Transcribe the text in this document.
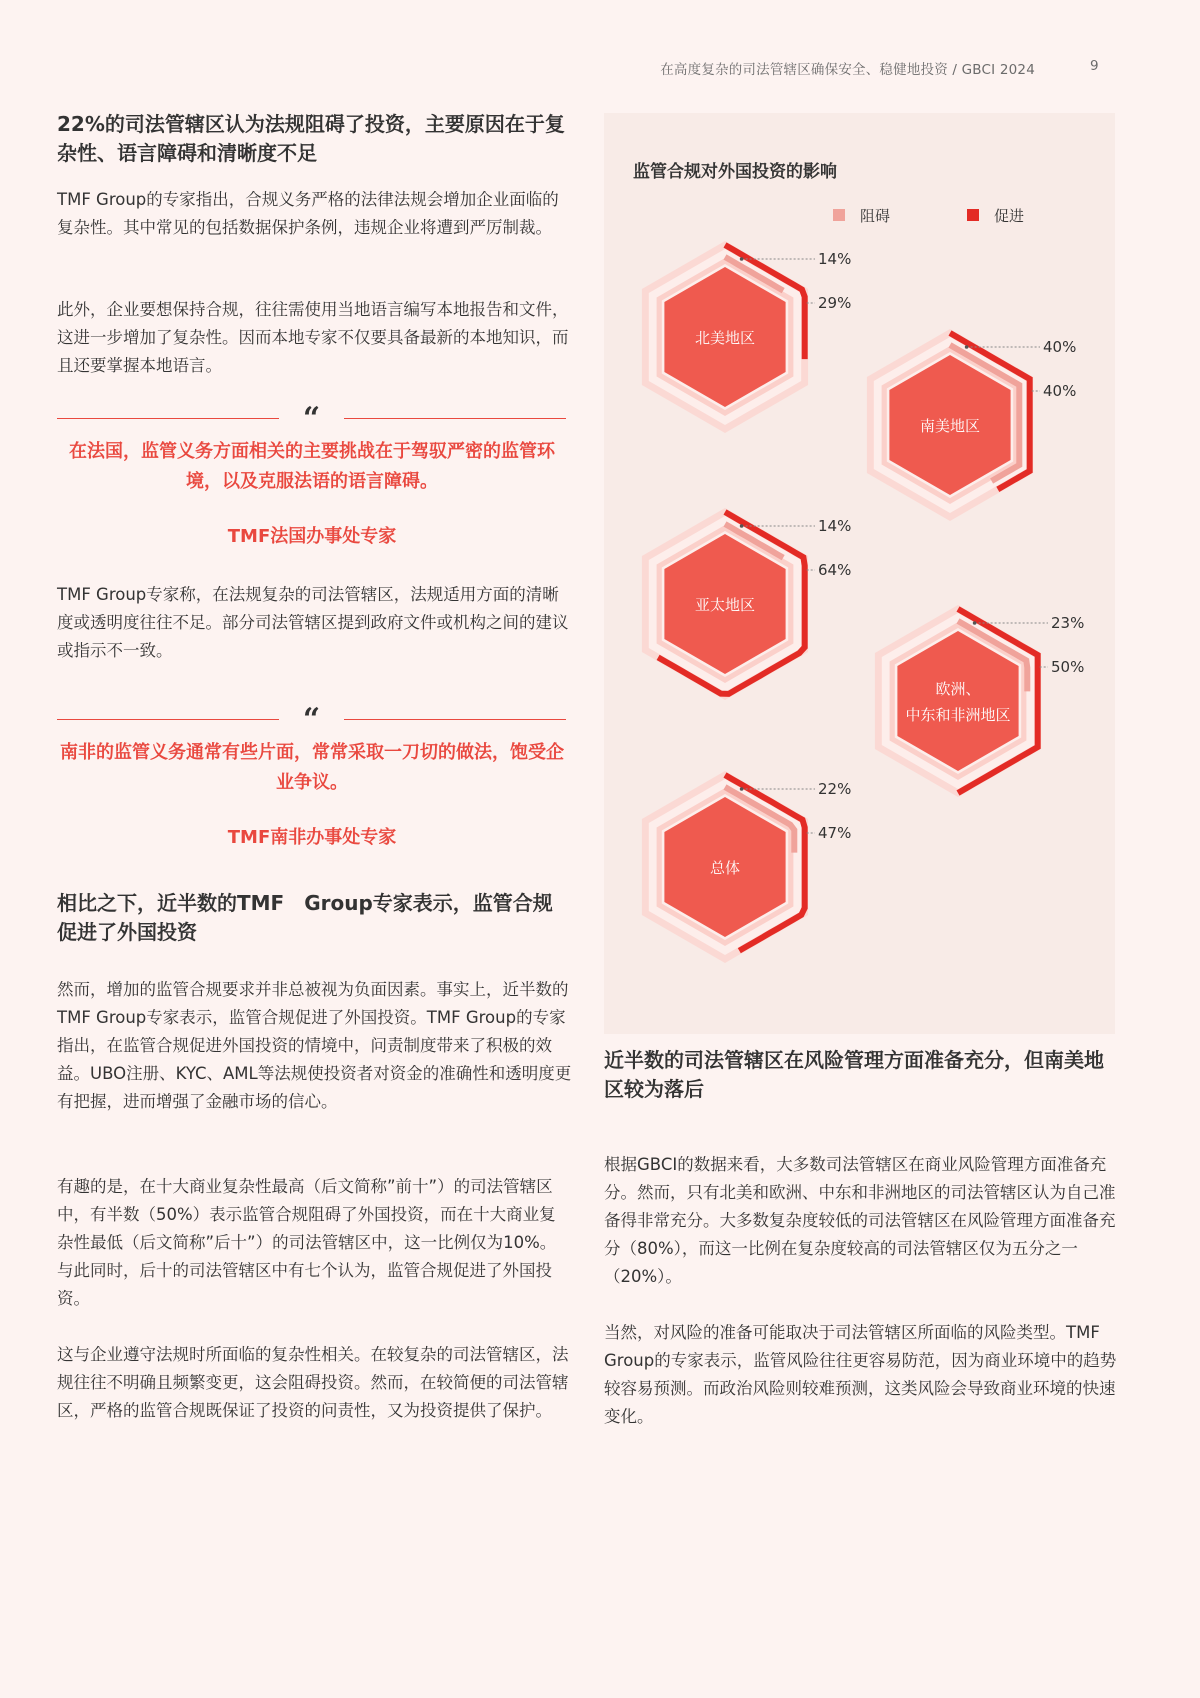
在高度复杂的司法管辖区确保安全、稳健地投资 / GBCI 2024	9
22%的司法管辖区认为法规阻碍了投资，主要原因在于复杂性、语言障碍和清晰度不足
TMF Group的专家指出，合规义务严格的法律法规会增加企业面临的复杂性。其中常见的包括数据保护条例，违规企业将遭到严厉制裁。
此外，企业要想保持合规，往往需使用当地语言编写本地报告和文件，这进一步增加了复杂性。因而本地专家不仅要具备最新的本地知识，而且还要掌握本地语言。
“
在法国，监管义务方面相关的主要挑战在于驾驭严密的监管环境，以及克服法语的语言障碍。
TMF法国办事处专家
TMF Group专家称，在法规复杂的司法管辖区，法规适用方面的清晰度或透明度往往不足。部分司法管辖区提到政府文件或机构之间的建议或指示不一致。
“
南非的监管义务通常有些片面，常常采取一刀切的做法，饱受企业争议。
TMF南非办事处专家
相比之下，近半数的TMF　Group专家表示，监管合规促进了外国投资
然而，增加的监管合规要求并非总被视为负面因素。事实上，近半数的TMF Group专家表示，监管合规促进了外国投资。TMF Group的专家指出，在监管合规促进外国投资的情境中，问责制度带来了积极的效益。UBO注册、KYC、AML等法规使投资者对资金的准确性和透明度更有把握，进而增强了金融市场的信心。
有趣的是，在十大商业复杂性最高（后文简称”前十”）的司法管辖区中，有半数（50%）表示监管合规阻碍了外国投资，而在十大商业复杂性最低（后文简称”后十”）的司法管辖区中，这一比例仅为10%。与此同时，后十的司法管辖区中有七个认为，监管合规促进了外国投资。
这与企业遵守法规时所面临的复杂性相关。在较复杂的司法管辖区，法规往往不明确且频繁变更，这会阻碍投资。然而，在较简便的司法管辖区，严格的监管合规既保证了投资的问责性，又为投资提供了保护。
监管合规对外国投资的影响
阻碍	促进
14%
29%
北美地区	40%
40%
南美地区
14%
64%
亚太地区
23%
50%
欧洲、
中东和非洲地区
22%
47%
总体
近半数的司法管辖区在风险管理方面准备充分，但南美地区较为落后
根据GBCI的数据来看，大多数司法管辖区在商业风险管理方面准备充分。然而，只有北美和欧洲、中东和非洲地区的司法管辖区认为自己准备得非常充分。大多数复杂度较低的司法管辖区在风险管理方面准备充分（80%），而这一比例在复杂度较高的司法管辖区仅为五分之一（20%）。
当然，对风险的准备可能取决于司法管辖区所面临的风险类型。TMF Group的专家表示，监管风险往往更容易防范，因为商业环境中的趋势较容易预测。而政治风险则较难预测，这类风险会导致商业环境的快速变化。
